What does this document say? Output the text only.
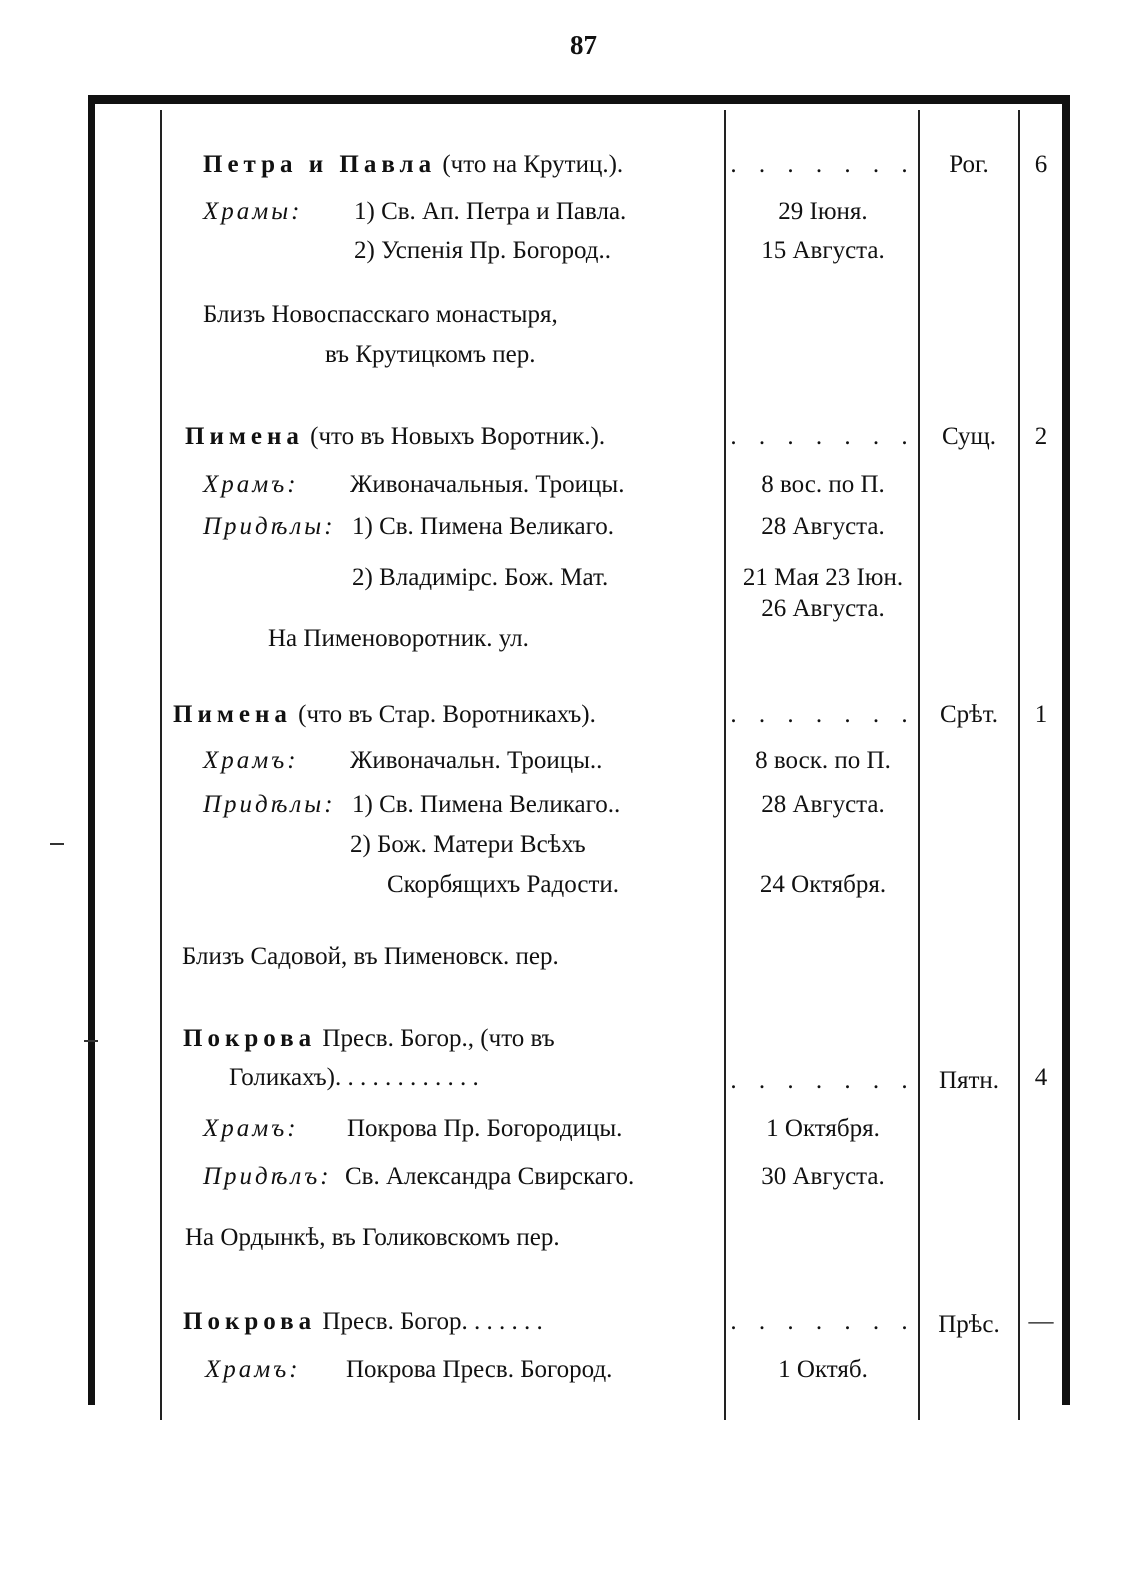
87
Петра и Павла (что на Крутиц.).	. . . . . . .	Рог.	6
Храмы: 1) Св. Ап. Петра и Павла.	29 Іюня.
2) Успенія Пр. Богород..	15 Августа.
Близъ Новоспасскаго монастыря,
въ Крутицкомъ пер.
Пимена (что въ Новыхъ Воротник.).	. . . . . . .	Сущ.	2
Храмъ: Живоначальныя. Троицы.	8 вос. по П.
Придѣлы: 1) Св. Пимена Великаго.	28 Августа.
2) Владимірс. Бож. Мат.	21 Мая 23 Іюн.
26 Августа.
На Пименоворотник. ул.
Пимена (что въ Стар. Воротникахъ).	. . . . . . . Срѣт.	1
Храмъ: Живоначальн. Троицы..	8 воск. по П.
Придѣлы: 1) Св. Пимена Великаго..	28 Августа.
2) Бож. Матери Всѣхъ
Скорбящихъ Радости.	24 Октября.
Близъ Садовой, въ Пименовск. пер.
Покрова Пресв. Богор., (что въ
Голикахъ). . . . . . . . . . . .	. . . . . . . Пятн.	4
Храмъ: Покрова Пр. Богородицы.	1 Октября.
Придѣлъ: Св. Александра Свирскаго.	30 Августа.
На Ордынкѣ, въ Голиковскомъ пер.
Покрова Пресв. Богор. . . . . . .	. . . . . . . Прѣс.	—
Храмъ: Покрова Пресв. Богород.	1 Октяб.
